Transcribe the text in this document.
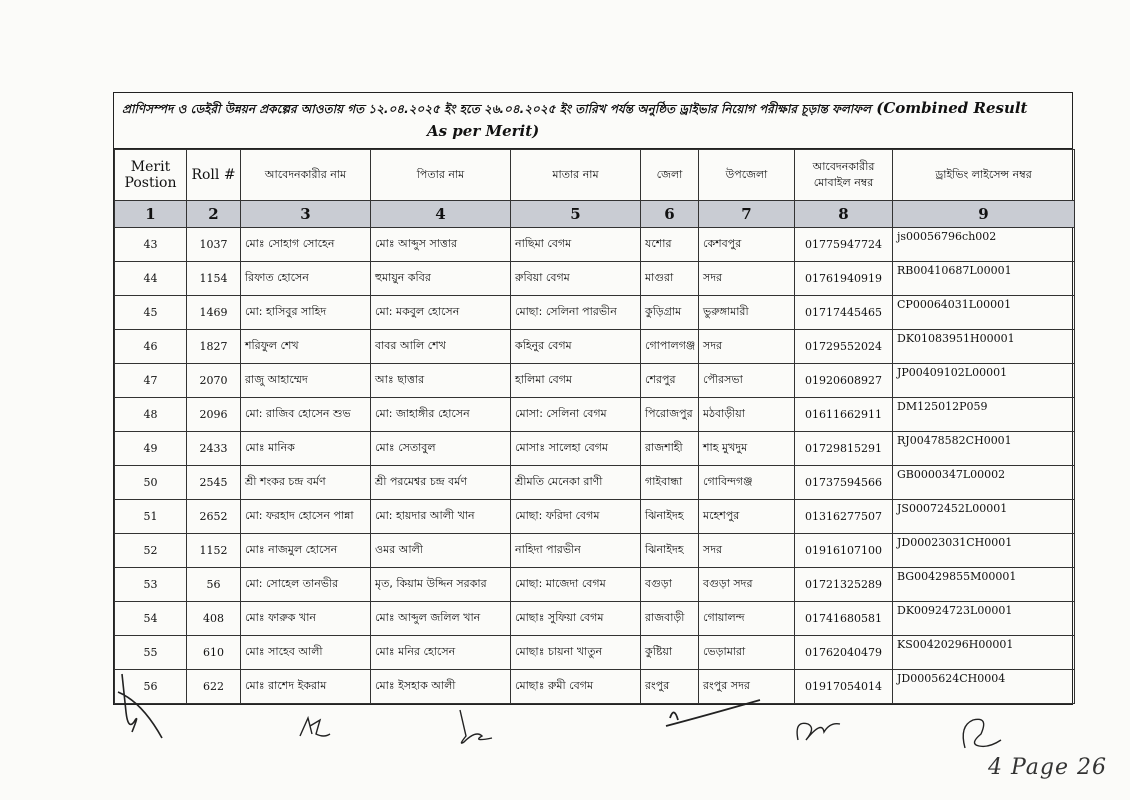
প্রাণিসম্পদ ও ডেইরী উন্নয়ন প্রকল্পের আওতায় গত ১২.০৪.২০২৫ ইং হতে ২৬.০৪.২০২৫ ইং তারিখ পর্যন্ত অনুষ্ঠিত ড্রাইভার নিয়োগ পরীক্ষার চূড়ান্ত ফলাফল (Combined Result
As per Merit)
Merit Postion	Roll #	আবেদনকারীর নাম	পিতার নাম	মাতার নাম	জেলা	উপজেলা	আবেদনকারীর মোবাইল নম্বর	ড্রাইভিং লাইসেন্স নম্বর
1	2	3	4	5	6	7	8	9
43	1037	মোঃ সোহাগ সোহেন	মোঃ আব্দুস সাত্তার	নাছিমা বেগম	যশোর	কেশবপুর	01775947724	js00056796ch002
44	1154	রিফাত হোসেন	হুমায়ুন কবির	রুবিয়া বেগম	মাগুরা	সদর	01761940919	RB00410687L00001
45	1469	মো: হাসিবুর সাহিদ	মো: মকবুল হোসেন	মোছা: সেলিনা পারভীন	কুড়িগ্রাম	ভুরুঙ্গামারী	01717445465	CP00064031L00001
46	1827	শরিফুল শেখ	বাবর আলি শেখ	কহিনুর বেগম	গোপালগঞ্জ	সদর	01729552024	DK01083951H00001
47	2070	রাজু আহাম্মেদ	আঃ ছাত্তার	হালিমা বেগম	শেরপুর	পৌরসভা	01920608927	JP00409102L00001
48	2096	মো: রাজিব হোসেন শুভ	মো: জাহাঙ্গীর হোসেন	মোসা: সেলিনা বেগম	পিরোজপুর	মঠবাড়ীয়া	01611662911	DM125012P059
49	2433	মোঃ মানিক	মোঃ সেতাবুল	মোসাঃ সালেহা বেগম	রাজশাহী	শাহ মুখদুম	01729815291	RJ00478582CH0001
50	2545	শ্রী শংকর চন্দ্র বর্মণ	শ্রী পরমেশ্বর চন্দ্র বর্মণ	শ্রীমতি মেনেকা রাণী	গাইবান্ধা	গোবিন্দগঞ্জ	01737594566	GB0000347L00002
51	2652	মো: ফরহাদ হোসেন পান্না	মো: হায়দার আলী খান	মোছা: ফরিদা বেগম	ঝিনাইদহ	মহেশপুর	01316277507	JS00072452L00001
52	1152	মোঃ নাজমুল হোসেন	ওমর আলী	নাহিদা পারভীন	ঝিনাইদহ	সদর	01916107100	JD00023031CH0001
53	56	মো: সোহেল তানভীর	মৃত, কিয়াম উদ্দিন সরকার	মোছা: মাজেদা বেগম	বগুড়া	বগুড়া সদর	01721325289	BG00429855M00001
54	408	মোঃ ফারুক খান	মোঃ আব্দুল জলিল খান	মোছাঃ সুফিয়া বেগম	রাজবাড়ী	গোয়ালন্দ	01741680581	DK00924723L00001
55	610	মোঃ সাহেব আলী	মোঃ মনির হোসেন	মোছাঃ চায়না খাতুন	কুষ্টিয়া	ভেড়ামারা	01762040479	KS00420296H00001
56	622	মোঃ রাশেদ ইকরাম	মোঃ ইসহাক আলী	মোছাঃ রুমী বেগম	রংপুর	রংপুর সদর	01917054014	JD0005624CH0004
4 Page 26
